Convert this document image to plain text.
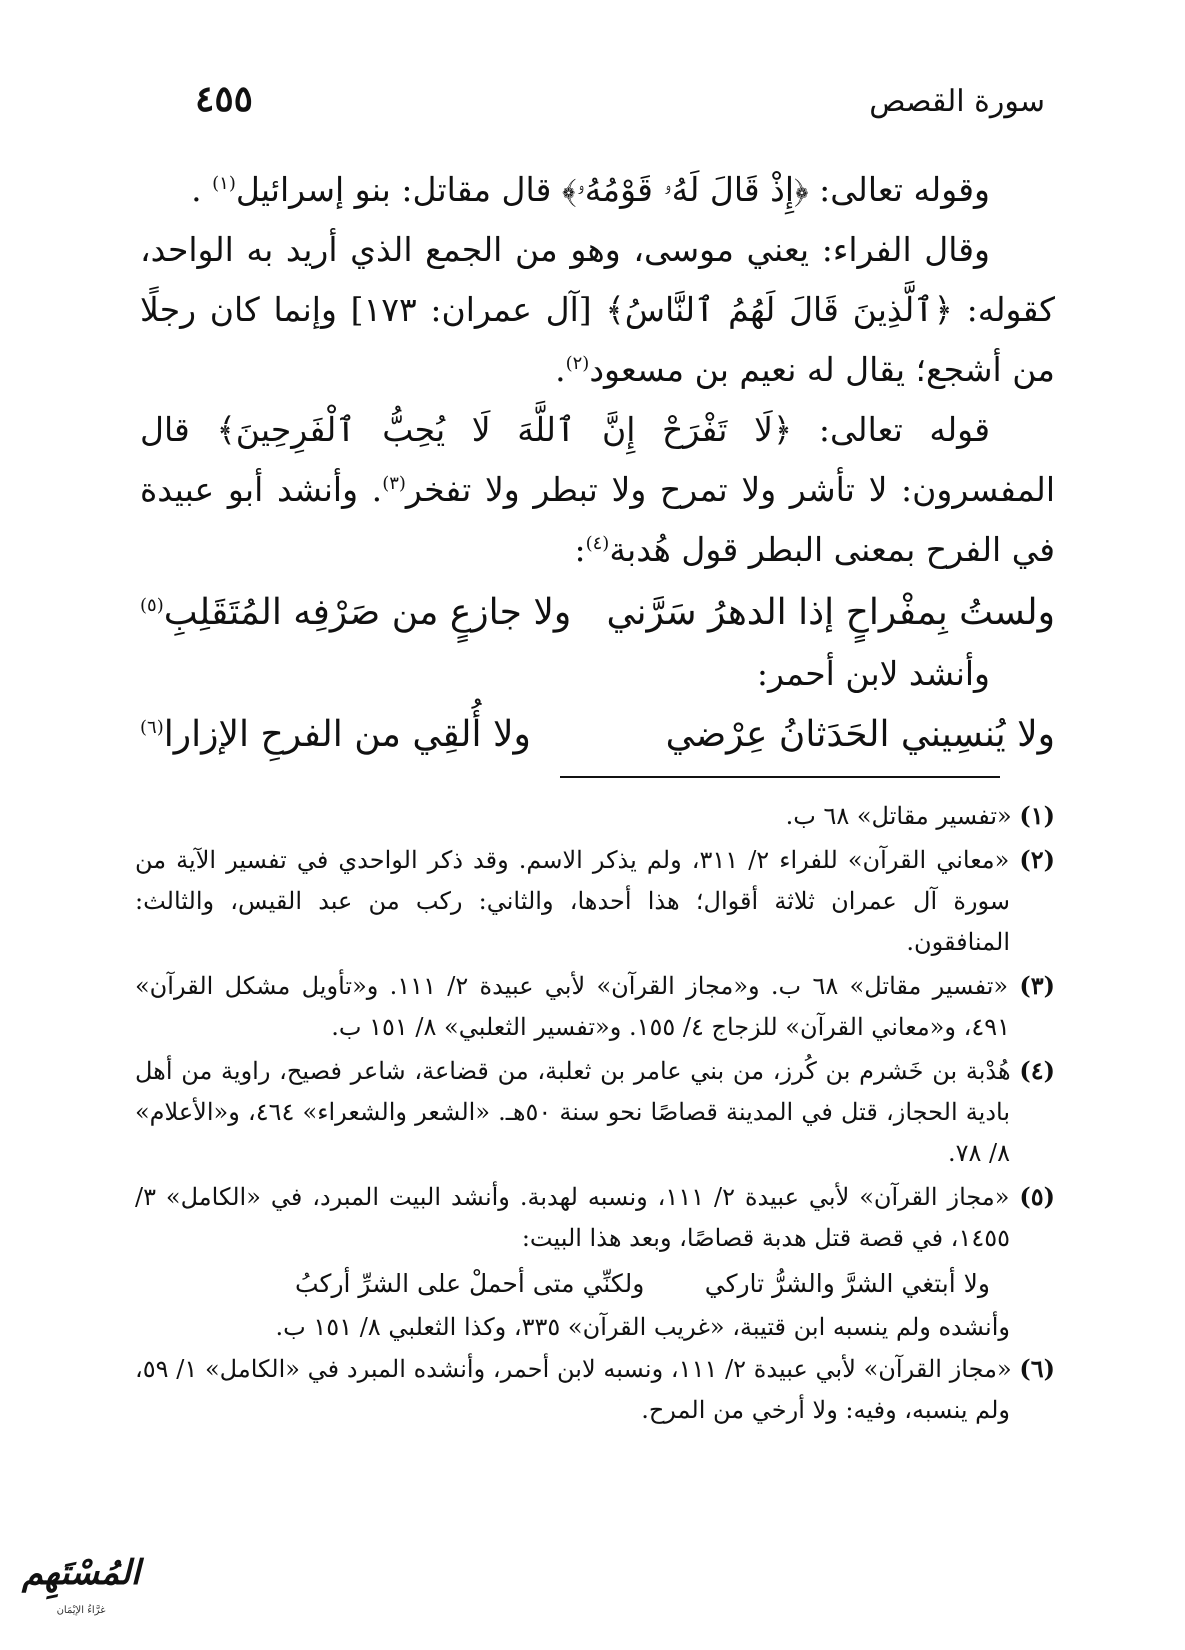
سورة القصص
٤٥٥

وقوله تعالى: ﴿إِذْ قَالَ لَهُۥ قَوْمُهُۥ﴾ قال مقاتل: بنو إسرائيل$^{(١)}$ .

وقال الفراء: يعني موسى، وهو من الجمع الذي أريد به الواحد، كقوله: ﴿ٱلَّذِينَ قَالَ لَهُمُ ٱلنَّاسُ﴾ [آل عمران: ١٧٣] وإنما كان رجلًا من أشجع؛ يقال له نعيم بن مسعود$^{(٢)}$.

قوله تعالى: ﴿لَا تَفْرَحْ إِنَّ ٱللَّهَ لَا يُحِبُّ ٱلْفَرِحِينَ﴾ قال المفسرون: لا تأشر ولا تمرح ولا تبطر ولا تفخر$^{(٣)}$. وأنشد أبو عبيدة في الفرح بمعنى البطر قول هُدبة$^{(٤)}$:

ولستُ بِمفْراحٍ إذا الدهرُ سَرَّني
ولا جازعٍ من صَرْفِه المُتَقَلِبِ$^{(٥)}$

وأنشد لابن أحمر:

ولا يُنسِيني الحَدَثانُ عِرْضي
ولا أُلقِي من الفرحِ الإزارا$^{(٦)}$

(١) «تفسير مقاتل» ٦٨ ب.

(٢) «معاني القرآن» للفراء ٢/ ٣١١، ولم يذكر الاسم. وقد ذكر الواحدي في تفسير الآية من سورة آل عمران ثلاثة أقوال؛ هذا أحدها، والثاني: ركب من عبد القيس، والثالث: المنافقون.

(٣) «تفسير مقاتل» ٦٨ ب. و«مجاز القرآن» لأبي عبيدة ٢/ ١١١. و«تأويل مشكل القرآن» ٤٩١، و«معاني القرآن» للزجاج ٤/ ١٥٥. و«تفسير الثعلبي» ٨/ ١٥١ ب.

(٤) هُدْبة بن خَشرم بن كُرز، من بني عامر بن ثعلبة، من قضاعة، شاعر فصيح، راوية من أهل بادية الحجاز، قتل في المدينة قصاصًا نحو سنة ٥٠هـ. «الشعر والشعراء» ٤٦٤، و«الأعلام» ٨/ ٧٨.

(٥) «مجاز القرآن» لأبي عبيدة ٢/ ١١١، ونسبه لهدبة. وأنشد البيت المبرد، في «الكامل» ٣/ ١٤٥٥، في قصة قتل هدبة قصاصًا، وبعد هذا البيت:

ولا أبتغي الشرَّ والشرُّ تاركي
ولكنِّي متى أحملْ على الشرِّ أركبُ

وأنشده ولم ينسبه ابن قتيبة، «غريب القرآن» ٣٣٥، وكذا الثعلبي ٨/ ١٥١ ب.

(٦) «مجاز القرآن» لأبي عبيدة ٢/ ١١١، ونسبه لابن أحمر، وأنشده المبرد في «الكامل» ١/ ٥٩، ولم ينسبه، وفيه: ولا أرخي من المرح.

المُسْتَهِم
غرَّاءُ الإيْمَان
